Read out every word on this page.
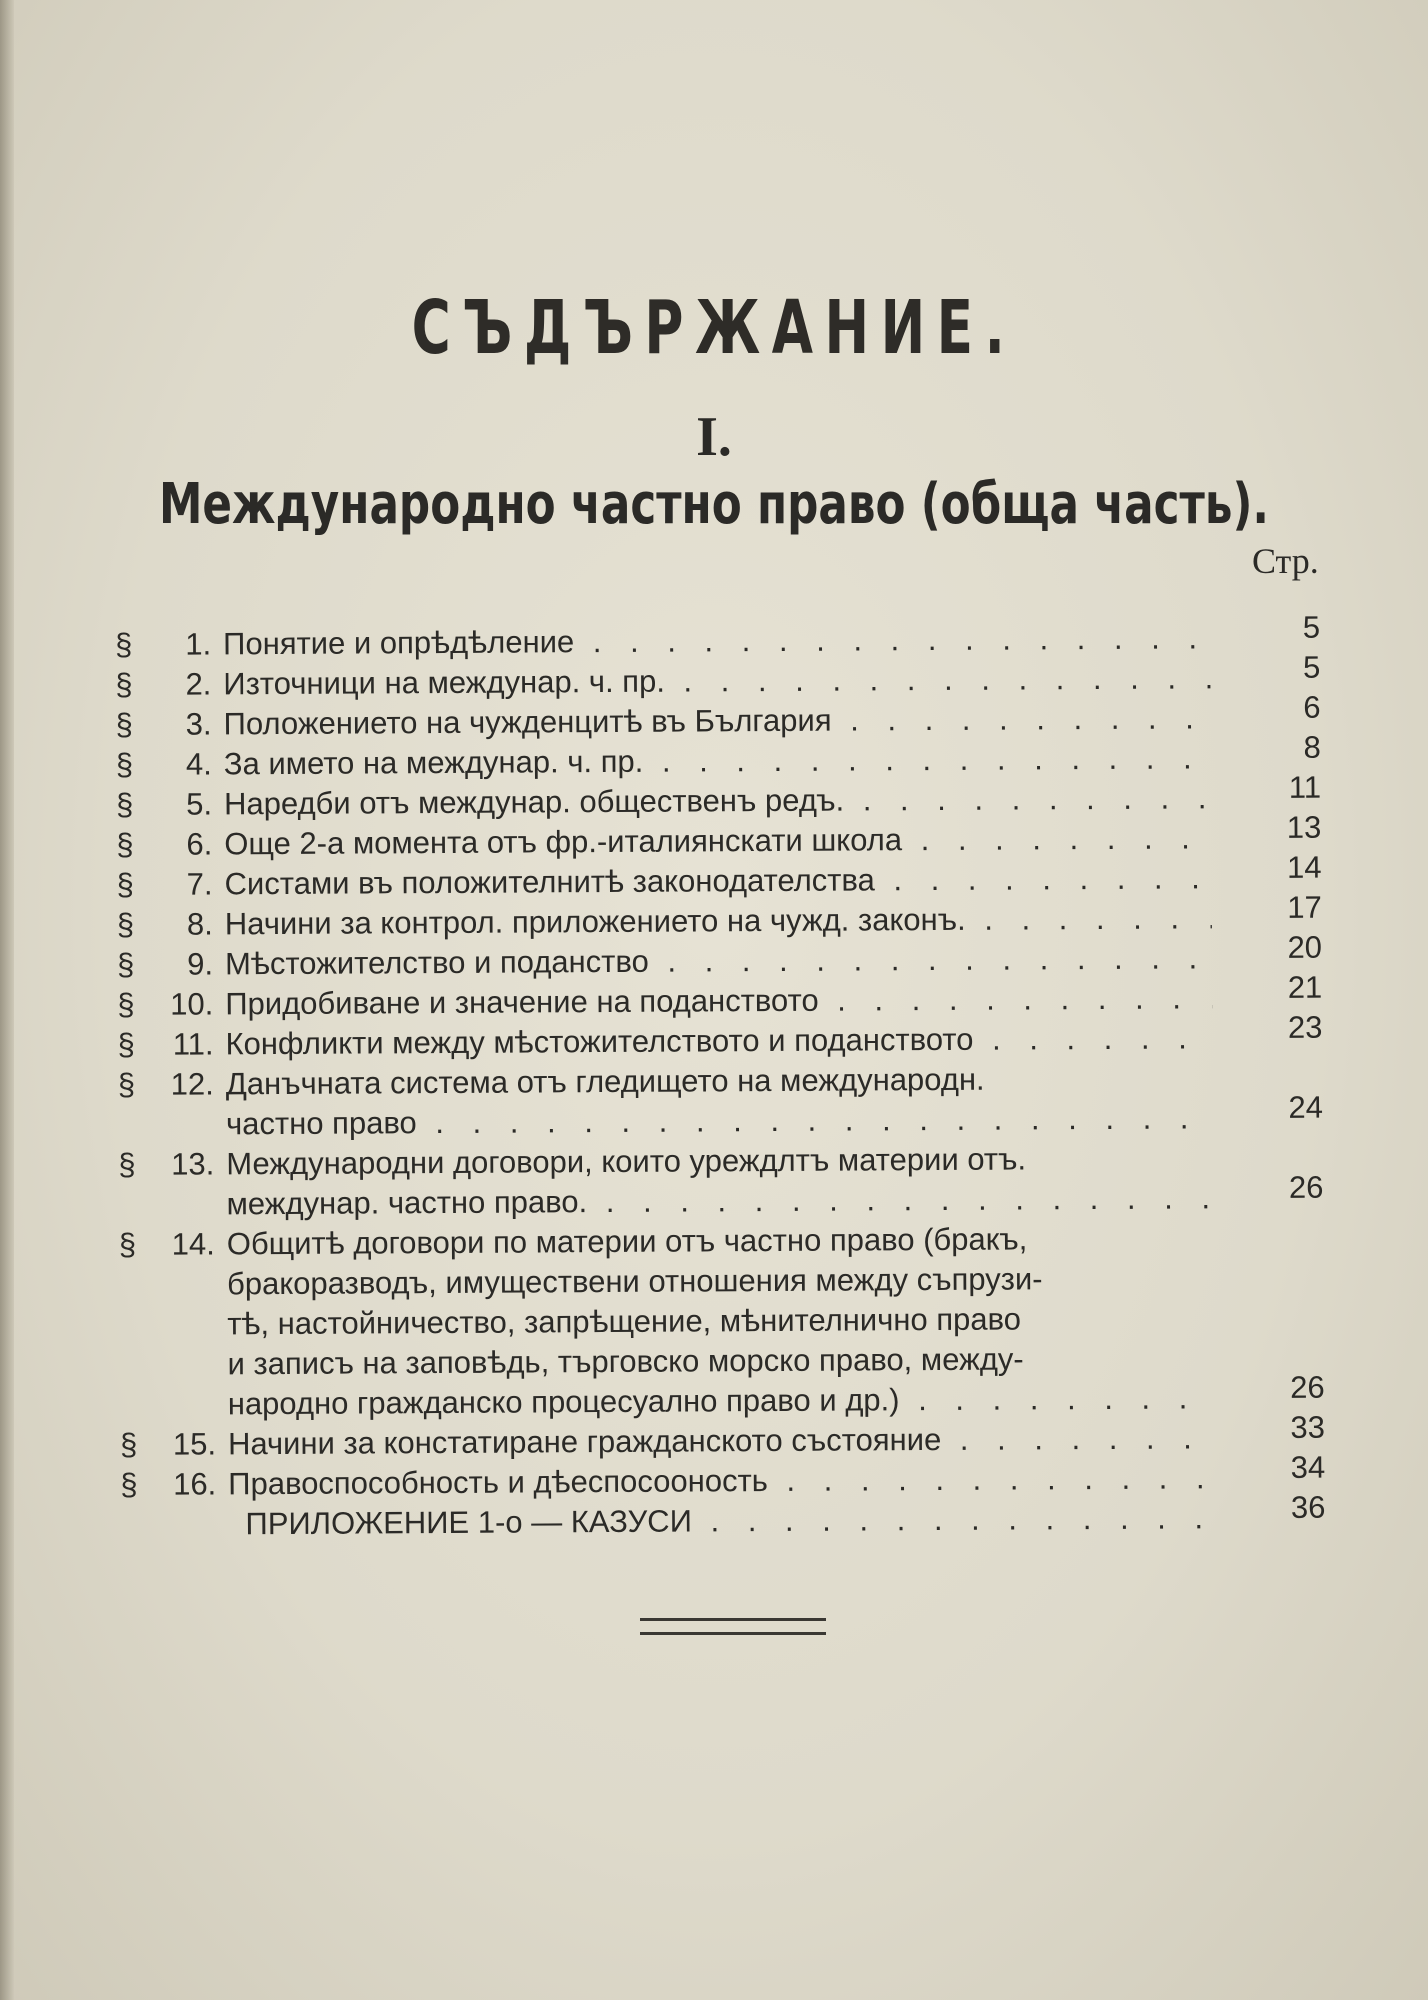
СЪДЪРЖАНИЕ.
I.
Международно частно право (обща часть).
Стр.
§	1. Понятие и опрѣдѣление . . .	5
§	2. Източници на междунар. ч. пр. . . .	5
§	3. Положението на чужденцитѣ въ България . . .	6
§	4. За името на междунар. ч. пр. . . .	8
§	5. Наредби отъ междунар. общественъ редъ. . . .	11
§	6. Още 2-а момента отъ фр.-италиянскати школа . . .	13
§	7. Систами въ положителнитѣ законодателства . . .	14
§	8. Начини за контрол. приложението на чужд. законъ. . . .	17
§	9. Мѣстожителство и поданство . . .	20
§	10. Придобиване и значение на поданството . . .	21
§	11. Конфликти между мѣстожителството и поданството . . .	23
§	12. Данъчната система отъ гледището на международн.
частно право . . .	24
§	13. Международни договори, които уреждлтъ материи отъ.
междунар. частно право. . . .	26
§	14. Общитѣ договори по материи отъ частно право (бракъ,
бракоразводъ, имуществени отношения между съпрузи-
тѣ, настойничество, запрѣщение, мѣнителнично право
и записъ на заповѣдь, търговско морско право, между-
народно гражданско процесуално право и др.) . . .	26
§	15. Начини за констатиране гражданското състояние . . .	33
§	16. Правоспособность и дѣеспосооность . . .	34
ПРИЛОЖЕНИЕ 1-о — КАЗУСИ . . .	36
